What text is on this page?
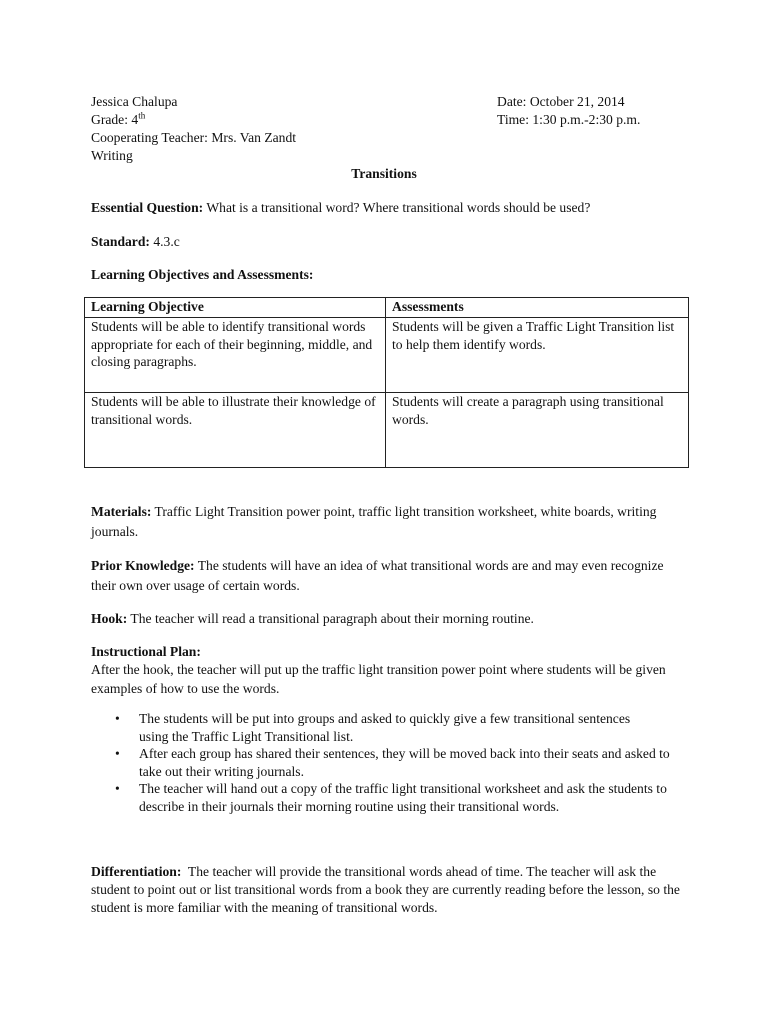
Jessica Chalupa
Grade: 4th
Cooperating Teacher: Mrs. Van Zandt
Writing
Date: October 21, 2014
Time: 1:30 p.m.-2:30 p.m.
Transitions
Essential Question: What is a transitional word? Where transitional words should be used?
Standard: 4.3.c
Learning Objectives and Assessments:
Learning Objective	Assessments
Students will be able to identify transitional words appropriate for each of their beginning, middle, and closing paragraphs.	Students will be given a Traffic Light Transition list to help them identify words.
Students will be able to illustrate their knowledge of transitional words.	Students will create a paragraph using transitional words.
Materials: Traffic Light Transition power point, traffic light transition worksheet, white boards, writing journals.
Prior Knowledge: The students will have an idea of what transitional words are and may even recognize their own over usage of certain words.
Hook: The teacher will read a transitional paragraph about their morning routine.
Instructional Plan:
After the hook, the teacher will put up the traffic light transition power point where students will be given examples of how to use the words.
• The students will be put into groups and asked to quickly give a few transitional sentences using the Traffic Light Transitional list.
• After each group has shared their sentences, they will be moved back into their seats and asked to take out their writing journals.
• The teacher will hand out a copy of the traffic light transitional worksheet and ask the students to describe in their journals their morning routine using their transitional words.
Differentiation:  The teacher will provide the transitional words ahead of time. The teacher will ask the student to point out or list transitional words from a book they are currently reading before the lesson, so the student is more familiar with the meaning of transitional words.
